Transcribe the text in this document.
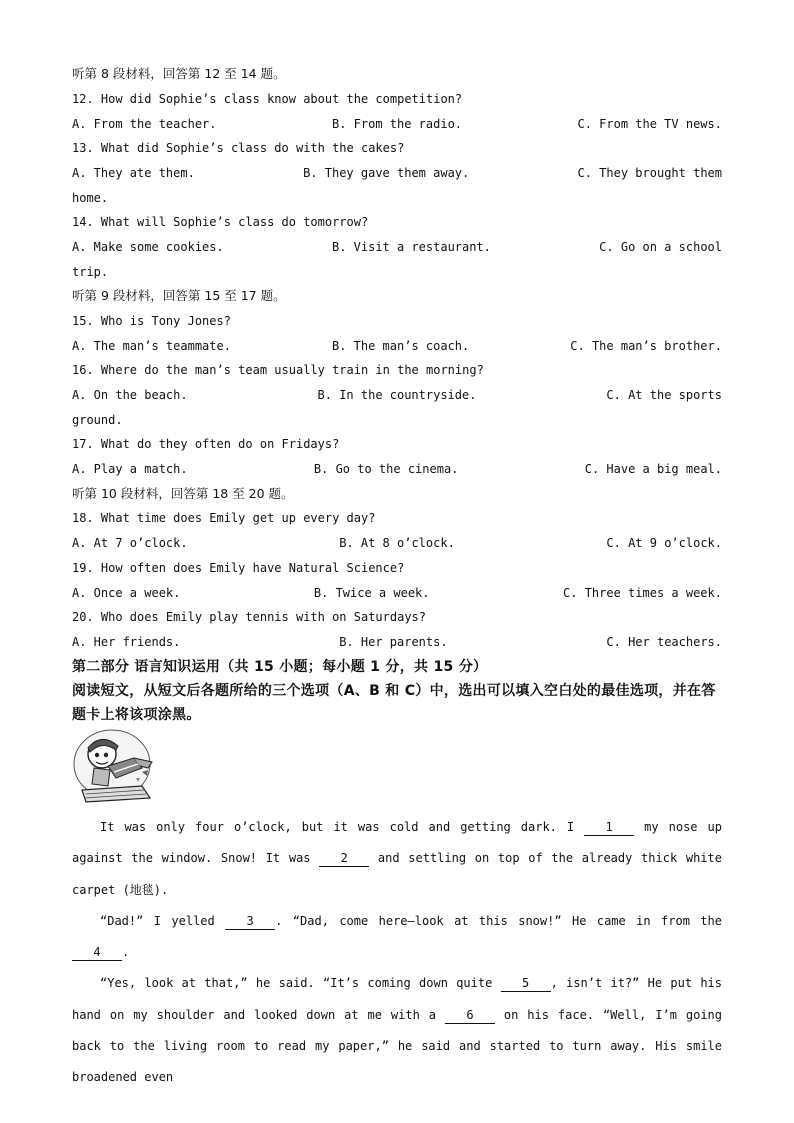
听第 8 段材料，回答第 12 至 14 题。
12. How did Sophie’s class know about the competition?
A. From the teacher.	B. From the radio.	C. From the TV news.
13. What did Sophie’s class do with the cakes?
A. They ate them.	B. They gave them away.	C. They brought them
home.
14. What will Sophie’s class do tomorrow?
A. Make some cookies.	B. Visit a restaurant.	C. Go on a school
trip.
听第 9 段材料，回答第 15 至 17 题。
15. Who is Tony Jones?
A. The man’s teammate.	B. The man’s coach.	C. The man’s brother.
16. Where do the man’s team usually train in the morning?
A. On the beach.	B. In the countryside.	C. At the sports
ground.
17. What do they often do on Fridays?
A. Play a match.	B. Go to the cinema.	C. Have a big meal.
听第 10 段材料，回答第 18 至 20 题。
18. What time does Emily get up every day?
A. At 7 o’clock.	B. At 8 o’clock.	C. At 9 o’clock.
19. How often does Emily have Natural Science?
A. Once a week.	B. Twice a week.	C. Three times a week.
20. Who does Emily play tennis with on Saturdays?
A. Her friends.	B. Her parents.	C. Her teachers.
第二部分 语言知识运用（共 15 小题；每小题 1 分，共 15 分）
阅读短文，从短文后各题所给的三个选项（A、B 和 C）中，选出可以填入空白处的最佳选项，并在答题卡上将该项涂黑。

It was only four o’clock, but it was cold and getting dark. I 1 my nose up against the window. Snow! It was 2 and settling on top of the already thick white carpet (地毯).

“Dad!” I yelled 3 . “Dad, come here—look at this snow!” He came in from the 4 .

“Yes, look at that,” he said. “It’s coming down quite 5 , isn’t it?” He put his hand on my shoulder and looked down at me with a 6 on his face. “Well, I’m going back to the living room to read my paper,” he said and started to turn away. His smile broadened even
